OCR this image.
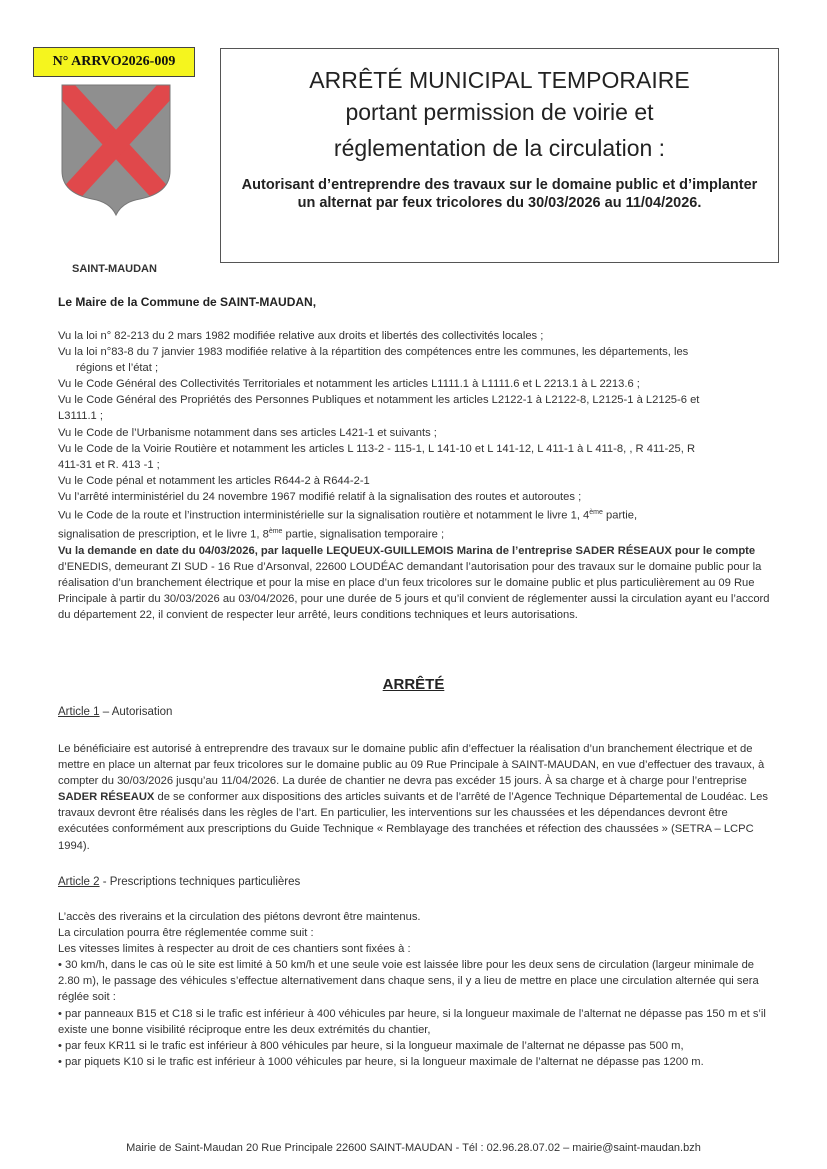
N° ARRVO2026-009
SAINT-MAUDAN
ARRÊTÉ MUNICIPAL TEMPORAIRE
portant permission de voirie et
réglementation de la circulation :
Autorisant d’entreprendre des travaux sur le domaine public et d’implanter un alternat par feux tricolores du 30/03/2026 au 11/04/2026.
Le Maire de la Commune de SAINT-MAUDAN,

Vu la loi n° 82-213 du 2 mars 1982 modifiée relative aux droits et libertés des collectivités locales ;

Vu la loi n°83-8 du 7 janvier 1983 modifiée relative à la répartition des compétences entre les communes, les départements, les

régions et l’état ;

Vu le Code Général des Collectivités Territoriales et notamment les articles L1111.1 à L1111.6 et L 2213.1 à L 2213.6 ;

Vu le Code Général des Propriétés des Personnes Publiques et notamment les articles L2122-1 à L2122-8, L2125-1 à L2125-6 et

L3111.1 ;

Vu le Code de l’Urbanisme notamment dans ses articles L421-1 et suivants ;

Vu le Code de la Voirie Routière et notamment les articles L 113-2 - 115-1, L 141-10 et L 141-12, L 411-1 à L 411-8, , R 411-25, R

411-31 et R. 413 -1 ;

Vu le Code pénal et notamment les articles R644-2 à R644-2-1

Vu l’arrêté interministériel du 24 novembre 1967 modifié relatif à la signalisation des routes et autoroutes ;

Vu le Code de la route et l’instruction interministérielle sur la signalisation routière et notamment le livre 1, 4ème partie,
signalisation de prescription, et le livre 1, 8ème partie, signalisation temporaire ;

Vu la demande en date du 04/03/2026, par laquelle LEQUEUX-GUILLEMOIS Marina de l’entreprise SADER RÉSEAUX pour le compte d’ENEDIS, demeurant ZI SUD - 16 Rue d’Arsonval, 22600 LOUDÉAC demandant l’autorisation pour des travaux sur le domaine public pour la réalisation d’un branchement électrique et pour la mise en place d’un feux tricolores sur le domaine public et plus particulièrement au 09 Rue Principale à partir du 30/03/2026 au 03/04/2026, pour une durée de 5 jours et qu’il convient de réglementer aussi la circulation ayant eu l’accord du département 22, il convient de respecter leur arrêté, leurs conditions techniques et leurs autorisations.

ARRÊTÉ
Article 1 – Autorisation
Le bénéficiaire est autorisé à entreprendre des travaux sur le domaine public afin d’effectuer la réalisation d’un branchement électrique et de mettre en place un alternat par feux tricolores sur le domaine public au 09 Rue Principale à SAINT-MAUDAN, en vue d’effectuer des travaux, à compter du 30/03/2026 jusqu’au 11/04/2026. La durée de chantier ne devra pas excéder 15 jours. À sa charge et à charge pour l’entreprise SADER RÉSEAUX de se conformer aux dispositions des articles suivants et de l’arrêté de l’Agence Technique Départemental de Loudéac. Les travaux devront être réalisés dans les règles de l’art. En particulier, les interventions sur les chaussées et les dépendances devront être exécutées conformément aux prescriptions du Guide Technique « Remblayage des tranchées et réfection des chaussées » (SETRA – LCPC 1994).
Article 2 - Prescriptions techniques particulières
L’accès des riverains et la circulation des piétons devront être maintenus.
La circulation pourra être réglementée comme suit :
Les vitesses limites à respecter au droit de ces chantiers sont fixées à :
• 30 km/h, dans le cas où le site est limité à 50 km/h et une seule voie est laissée libre pour les deux sens de circulation (largeur minimale de 2.80 m), le passage des véhicules s’effectue alternativement dans chaque sens, il y a lieu de mettre en place une circulation alternée qui sera réglée soit :
• par panneaux B15 et C18 si le trafic est inférieur à 400 véhicules par heure, si la longueur maximale de l’alternat ne dépasse pas 150 m et s’il existe une bonne visibilité réciproque entre les deux extrémités du chantier,
• par feux KR11 si le trafic est inférieur à 800 véhicules par heure, si la longueur maximale de l’alternat ne dépasse pas 500 m,
• par piquets K10 si le trafic est inférieur à 1000 véhicules par heure, si la longueur maximale de l’alternat ne dépasse pas 1200 m.
Mairie de Saint-Maudan 20 Rue Principale 22600 SAINT-MAUDAN - Tél : 02.96.28.07.02 – mairie@saint-maudan.bzh
